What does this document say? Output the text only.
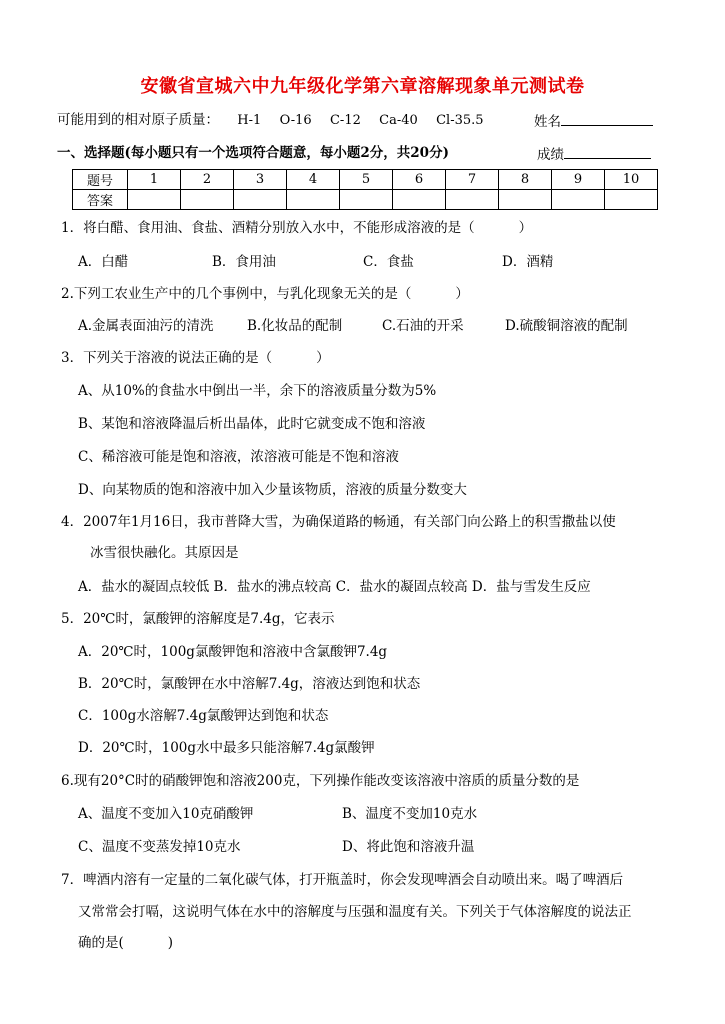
安徽省宣城六中九年级化学第六章溶解现象单元测试卷
可能用到的相对原子质量： H-1 O-16 C-12 Ca-40 Cl-35.5	姓名
一、选择题(每小题只有一个选项符合题意，每小题2分，共20分)	成绩
题号	1	2	3	4	5	6	7	8	9	10
答案										
1．将白醋、食用油、食盐、酒精分别放入水中，不能形成溶液的是（	）
A．白醋	B．食用油	C．食盐	D．酒精
2.下列工农业生产中的几个事例中，与乳化现象无关的是（	）
A.金属表面油污的清洗 B.化妆品的配制	C.石油的开采	D.硫酸铜溶液的配制
3．下列关于溶液的说法正确的是（	）
A、从10%的食盐水中倒出一半，余下的溶液质量分数为5%
B、某饱和溶液降温后析出晶体，此时它就变成不饱和溶液
C、稀溶液可能是饱和溶液，浓溶液可能是不饱和溶液
D、向某物质的饱和溶液中加入少量该物质，溶液的质量分数变大
4．2007年1月16日，我市普降大雪，为确保道路的畅通，有关部门向公路上的积雪撒盐以使
冰雪很快融化。其原因是
A．盐水的凝固点较低 B．盐水的沸点较高 C．盐水的凝固点较高 D．盐与雪发生反应
5．20℃时，氯酸钾的溶解度是7.4g，它表示
A．20℃时，100g氯酸钾饱和溶液中含氯酸钾7.4g
B．20℃时，氯酸钾在水中溶解7.4g，溶液达到饱和状态
C．100g水溶解7.4g氯酸钾达到饱和状态
D．20℃时，100g水中最多只能溶解7.4g氯酸钾
6.现有20°C时的硝酸钾饱和溶液200克，下列操作能改变该溶液中溶质的质量分数的是
A、温度不变加入10克硝酸钾	B、温度不变加10克水
C、温度不变蒸发掉10克水	D、将此饱和溶液升温
7．啤酒内溶有一定量的二氧化碳气体，打开瓶盖时，你会发现啤酒会自动喷出来。喝了啤酒后
又常常会打嗝，这说明气体在水中的溶解度与压强和温度有关。下列关于气体溶解度的说法正
确的是(	)
